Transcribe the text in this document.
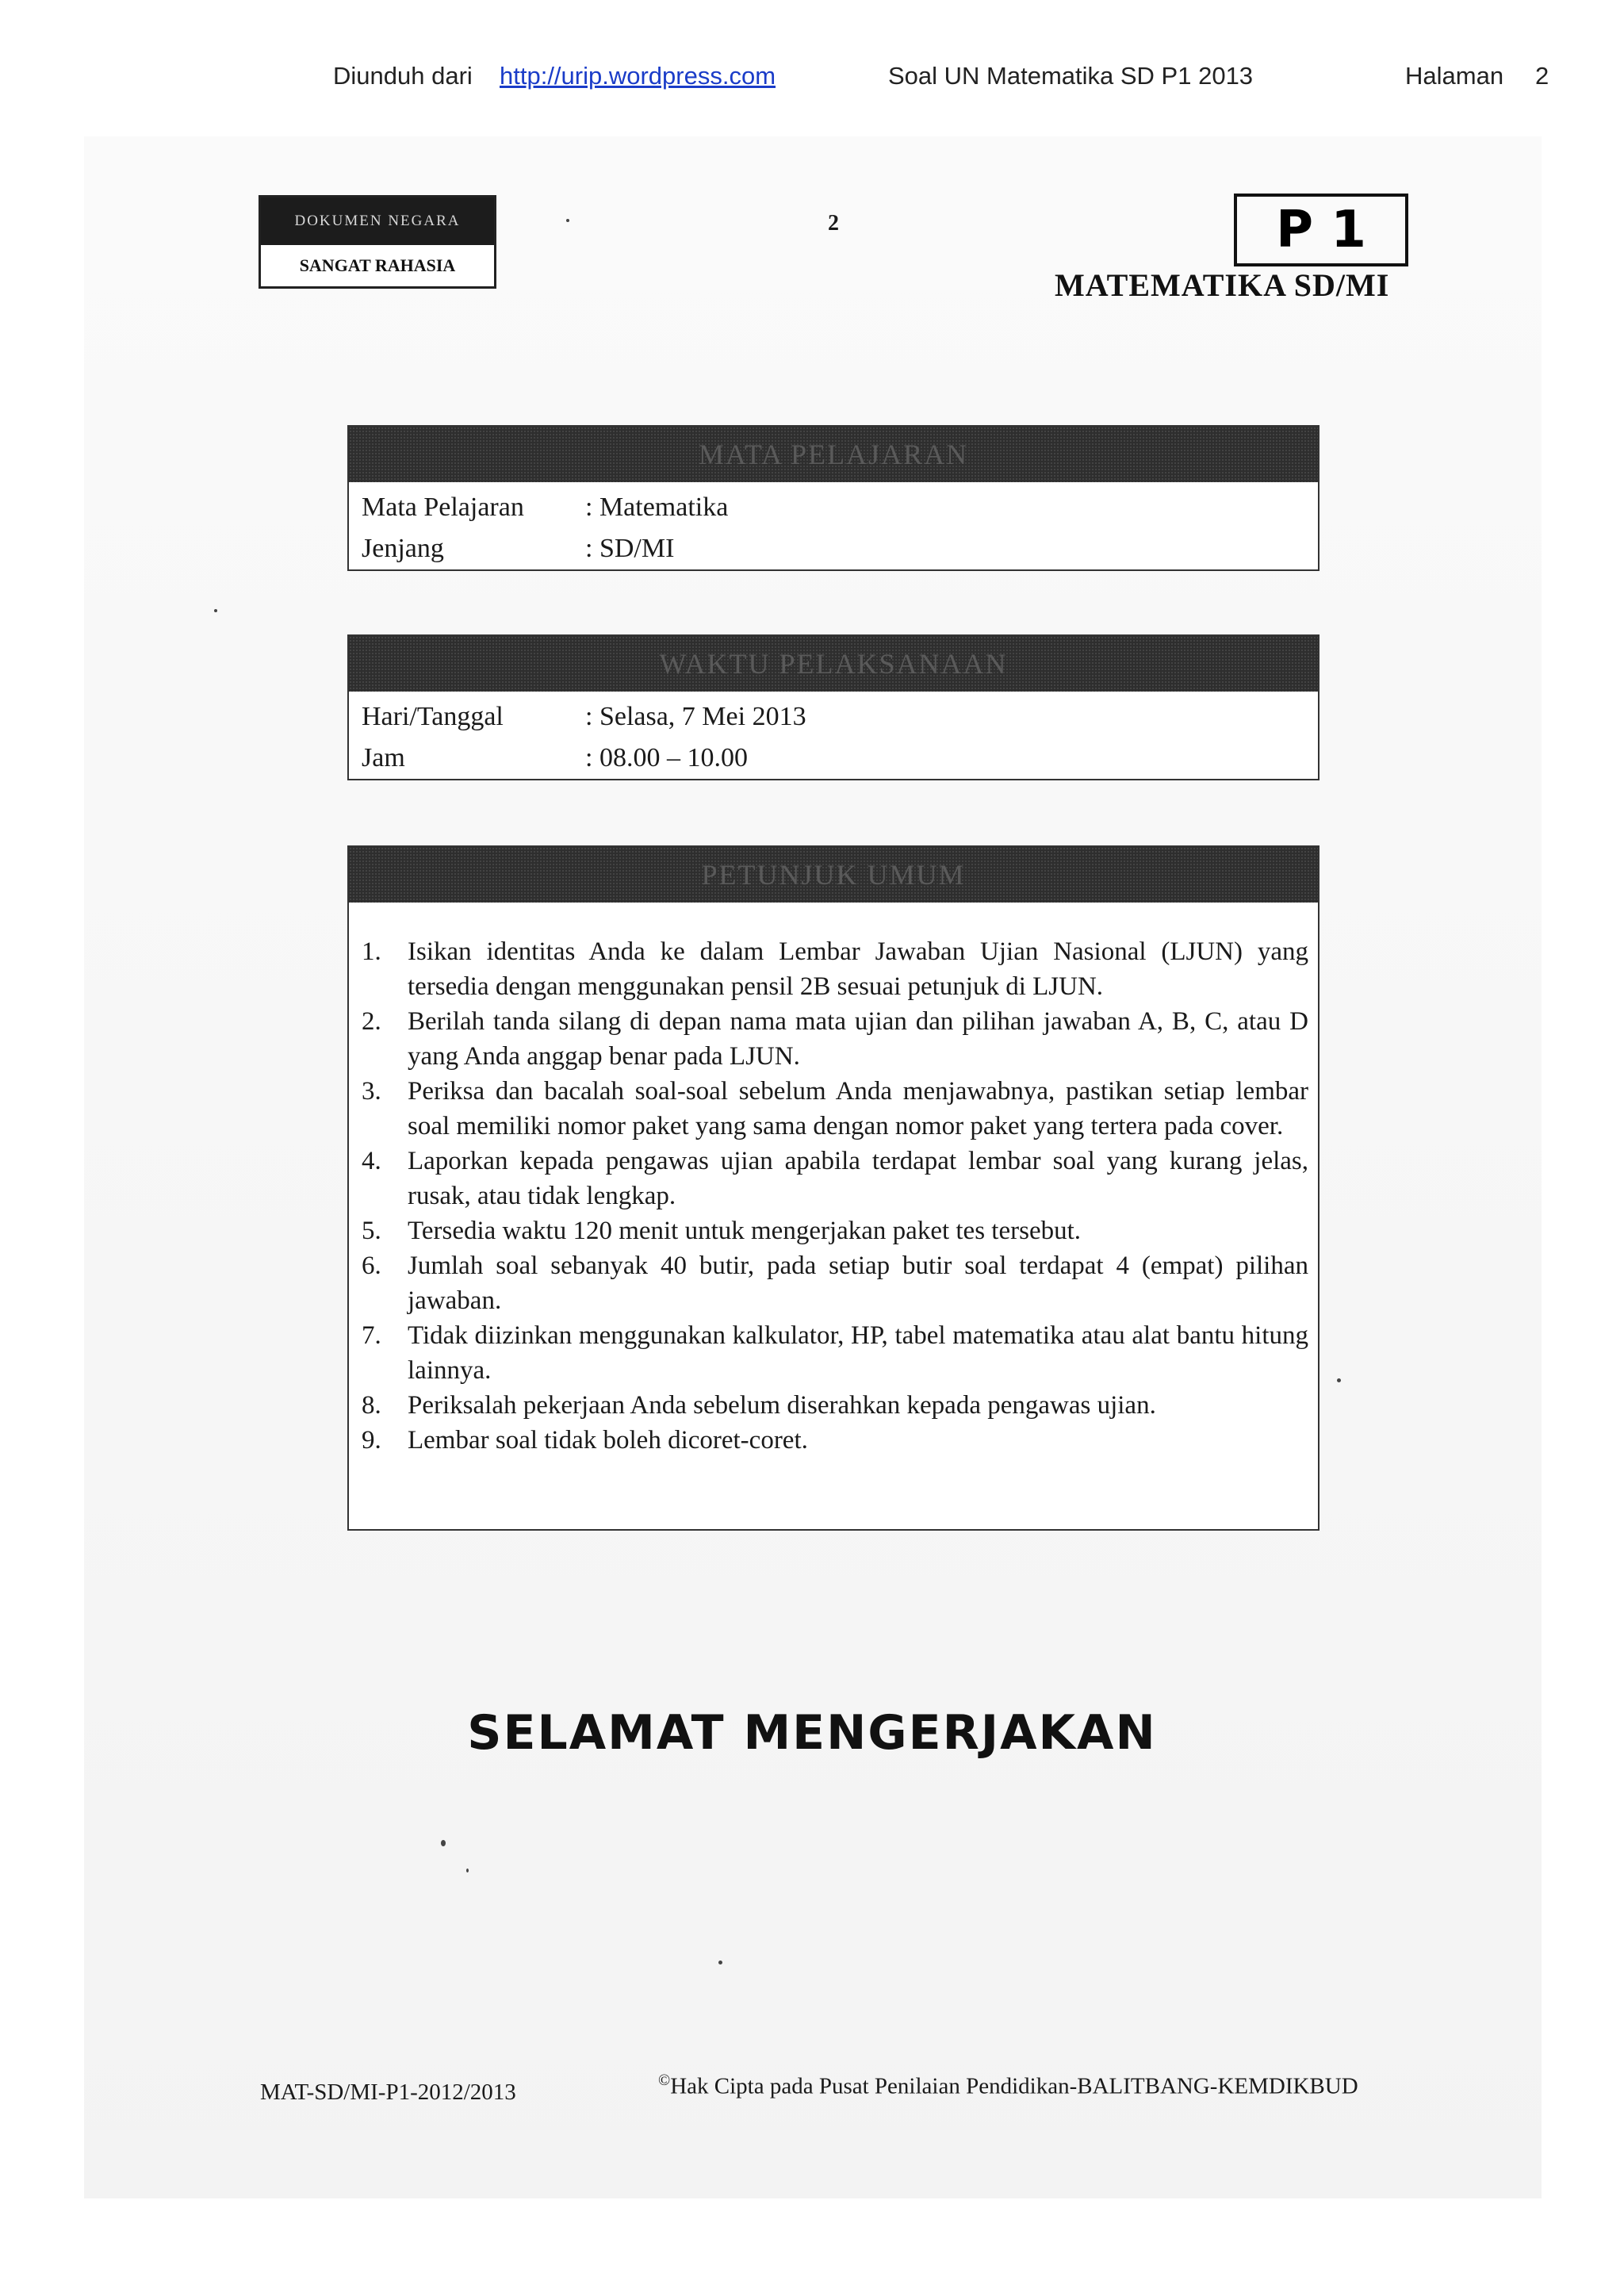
Diunduh dari http://urip.wordpress.com	Soal UN Matematika SD P1 2013	Halaman 2
DOKUMEN NEGARA
SANGAT RAHASIA
2	P 1
MATEMATIKA SD/MI
MATA PELAJARAN
Mata Pelajaran : Matematika
Jenjang	: SD/MI
WAKTU PELAKSANAAN
Hari/Tanggal	: Selasa, 7 Mei 2013
Jam	: 08.00 – 10.00
PETUNJUK UMUM
1.	Isikan identitas Anda ke dalam Lembar Jawaban Ujian Nasional (LJUN) yang tersedia dengan menggunakan pensil 2B sesuai petunjuk di LJUN.
2.	Berilah tanda silang di depan nama mata ujian dan pilihan jawaban A, B, C, atau D yang Anda anggap benar pada LJUN.
3.	Periksa dan bacalah soal-soal sebelum Anda menjawabnya, pastikan setiap lembar soal memiliki nomor paket yang sama dengan nomor paket yang tertera pada cover.
4.	Laporkan kepada pengawas ujian apabila terdapat lembar soal yang kurang jelas, rusak, atau tidak lengkap.
5.	Tersedia waktu 120 menit untuk mengerjakan paket tes tersebut.
6.	Jumlah soal sebanyak 40 butir, pada setiap butir soal terdapat 4 (empat) pilihan jawaban.
7.	Tidak diizinkan menggunakan kalkulator, HP, tabel matematika atau alat bantu hitung lainnya.
8.	Periksalah pekerjaan Anda sebelum diserahkan kepada pengawas ujian.
9.	Lembar soal tidak boleh dicoret-coret.
SELAMAT MENGERJAKAN
MAT-SD/MI-P1-2012/2013	©Hak Cipta pada Pusat Penilaian Pendidikan-BALITBANG-KEMDIKBUD
